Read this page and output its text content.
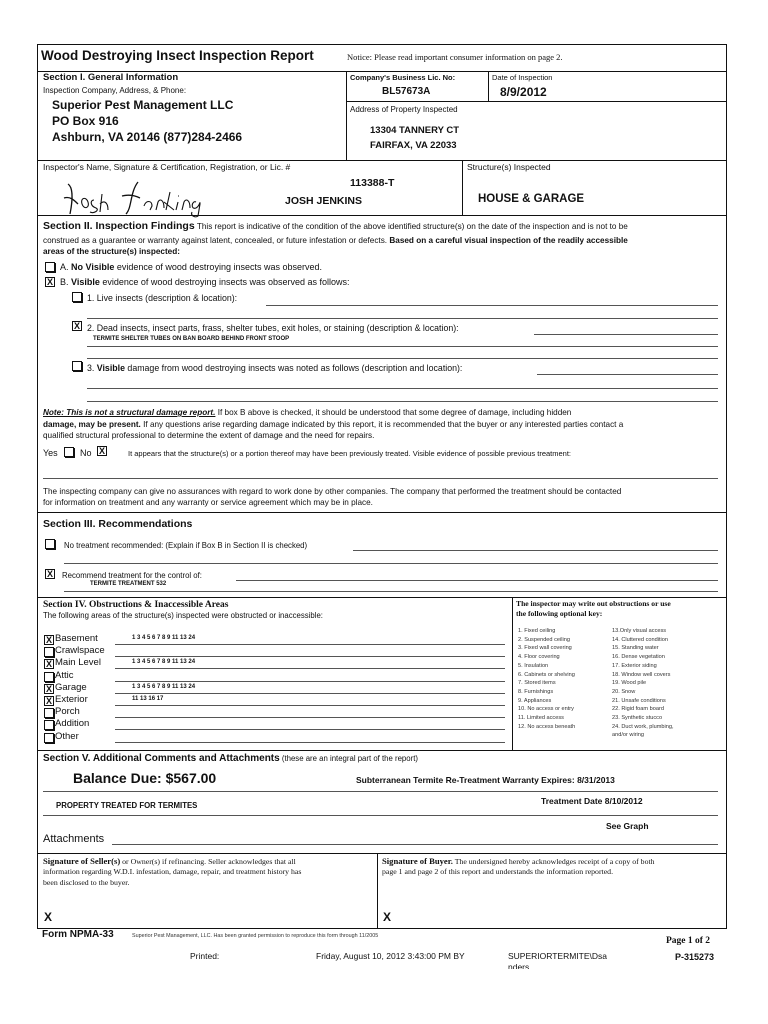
Wood Destroying Insect Inspection Report	Notice: Please read important consumer information on page 2.
Section I. General Information
Inspection Company, Address, & Phone:
Superior Pest Management LLC
PO Box 916
Ashburn, VA 20146 (877)284-2466
Company's Business Lic. No:
BL57673A
Date of Inspection
8/9/2012
Address of Property Inspected
13304 TANNERY CT
FAIRFAX, VA 22033
Inspector's Name, Signature & Certification, Registration, or Lic. #	Structure(s) Inspected
113388-T
JOSH JENKINS	HOUSE & GARAGE
Section II. Inspection Findings This report is indicative of the condition of the above identified structure(s) on the date of the inspection and is not to be
construed as a guarantee or warranty against latent, concealed, or future infestation or defects. Based on a careful visual inspection of the readily accessible
areas of the structure(s) inspected:
A. No Visible evidence of wood destroying insects was observed.
X B. Visible evidence of wood destroying insects was observed as follows:
1. Live insects (description & location):
X 2. Dead insects, insect parts, frass, shelter tubes, exit holes, or staining (description & location):
TERMITE SHELTER TUBES ON BAN BOARD BEHIND FRONT STOOP
3. Visible damage from wood destroying insects was noted as follows (description and location):
Note: This is not a structural damage report. If box B above is checked, it should be understood that some degree of damage, including hidden
damage, may be present. If any questions arise regarding damage indicated by this report, it is recommended that the buyer or any interested parties contact a
qualified structural professional to determine the extent of damage and the need for repairs.
Yes No X	It appears that the structure(s) or a portion thereof may have been previously treated. Visible evidence of possible previous treatment:
The inspecting company can give no assurances with regard to work done by other companies. The company that performed the treatment should be contacted
for information on treatment and any warranty or service agreement which may be in place.
Section III. Recommendations
No treatment recommended: (Explain if Box B in Section II is checked)
X Recommend treatment for the control of:
TERMITE TREATMENT 532
Section IV. Obstructions & Inaccessible Areas
The following areas of the structure(s) inspected were obstructed or inaccessible:
X Basement	1 3 4 5 6 7 8 9 11 13 24
Crawlspace
X Main Level	1 3 4 5 6 7 8 9 11 13 24
Attic
X Garage	1 3 4 5 6 7 8 9 11 13 24
X Exterior	11 13 16 17
Porch
Addition
Other
The inspector may write out obstructions or use
the following optional key:
1. Fixed ceiling
2. Suspended ceiling
3. Fixed wall covering
4. Floor covering
5. Insulation
6. Cabinets or shelving
7. Stored items
8. Furnishings
9. Appliances
10. No access or entry
11. Limited access
12. No access beneath
13.Only visual access
14. Cluttered condition
15. Standing water
16. Dense vegetation
17. Exterior siding
18. Window well covers
19. Wood pile
20. Snow
21. Unsafe conditions
22. Rigid foam board
23. Synthetic stucco
24. Duct work, plumbing,
and/or wiring
Section V. Additional Comments and Attachments (these are an integral part of the report)
Balance Due: $567.00	Subterranean Termite Re-Treatment Warranty Expires: 8/31/2013
Treatment Date 8/10/2012
PROPERTY TREATED FOR TERMITES
See Graph
Attachments
Signature of Seller(s) or Owner(s) if refinancing. Seller acknowledges that all
information regarding W.D.I. infestation, damage, repair, and treatment history has
been disclosed to the buyer.
X
Signature of Buyer. The undersigned hereby acknowledges receipt of a copy of both
page 1 and page 2 of this report and understands the information reported.
X
Form NPMA-33	Superior Pest Management, LLC. Has been granted permission to reproduce this form through 11/2005	Page 1 of 2
Printed:	Friday, August 10, 2012 3:43:00 PM BY	SUPERIORTERMITE\Dsa
nders
P-315273
